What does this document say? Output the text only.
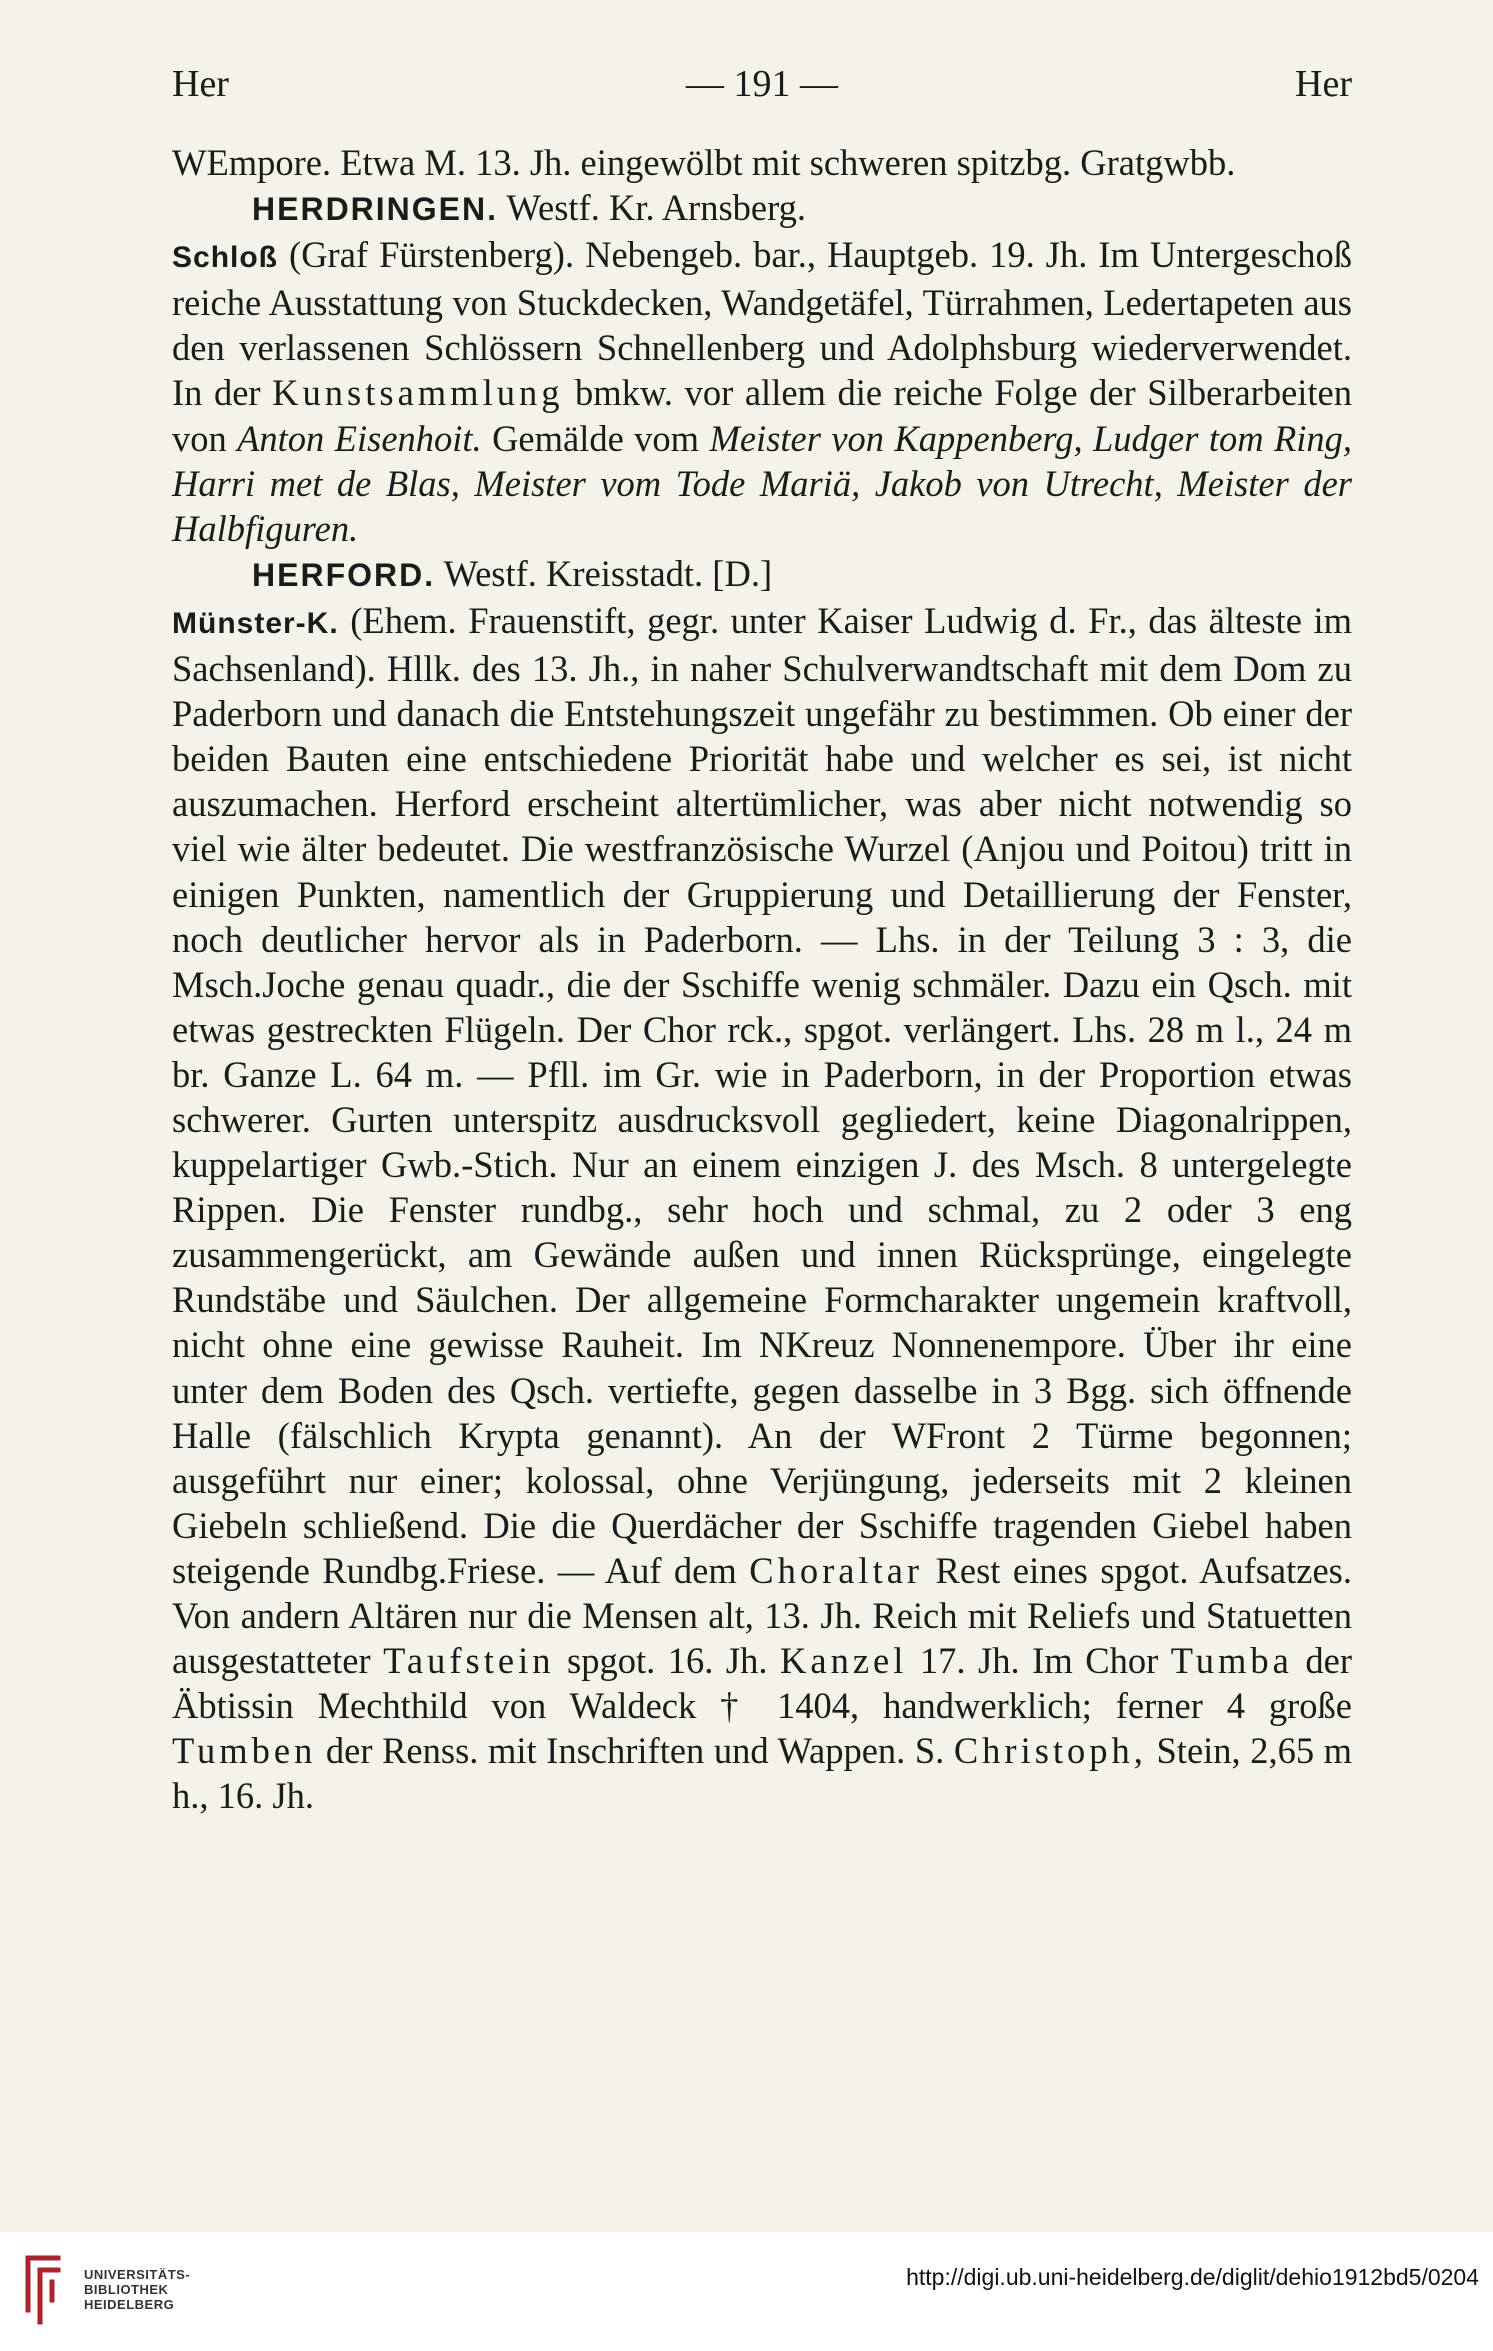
Her	— 191 —	Her

WEmpore. Etwa M. 13. Jh. eingewölbt mit schweren spitzbg. Gratgwbb.

HERDRINGEN. Westf. Kr. Arnsberg.

Schloß (Graf Fürstenberg). Nebengeb. bar., Hauptgeb. 19. Jh. Im Untergeschoß reiche Ausstattung von Stuckdecken, Wandgetäfel, Türrahmen, Ledertapeten aus den verlassenen Schlössern Schnellenberg und Adolphsburg wiederverwendet. In der Kunstsammlung bmkw. vor allem die reiche Folge der Silberarbeiten von Anton Eisenhoit. Gemälde vom Meister von Kappenberg, Ludger tom Ring, Harri met de Blas, Meister vom Tode Mariä, Jakob von Utrecht, Meister der Halbfiguren.

HERFORD. Westf. Kreisstadt. [D.]

Münster-K. (Ehem. Frauenstift, gegr. unter Kaiser Ludwig d. Fr., das älteste im Sachsenland). Hllk. des 13. Jh., in naher Schulverwandtschaft mit dem Dom zu Paderborn und danach die Entstehungszeit ungefähr zu bestimmen. Ob einer der beiden Bauten eine entschiedene Priorität habe und welcher es sei, ist nicht auszumachen. Herford erscheint altertümlicher, was aber nicht notwendig so viel wie älter bedeutet. Die westfranzösische Wurzel (Anjou und Poitou) tritt in einigen Punkten, namentlich der Gruppierung und Detaillierung der Fenster, noch deutlicher hervor als in Paderborn. — Lhs. in der Teilung 3 : 3, die Msch.Joche genau quadr., die der Sschiffe wenig schmäler. Dazu ein Qsch. mit etwas gestreckten Flügeln. Der Chor rck., spgot. verlängert. Lhs. 28 m l., 24 m br. Ganze L. 64 m. — Pfll. im Gr. wie in Paderborn, in der Proportion etwas schwerer. Gurten unterspitz ausdrucksvoll gegliedert, keine Diagonalrippen, kuppelartiger Gwb.-Stich. Nur an einem einzigen J. des Msch. 8 untergelegte Rippen. Die Fenster rundbg., sehr hoch und schmal, zu 2 oder 3 eng zusammengerückt, am Gewände außen und innen Rücksprünge, eingelegte Rundstäbe und Säulchen. Der allgemeine Formcharakter ungemein kraftvoll, nicht ohne eine gewisse Rauheit. Im NKreuz Nonnenempore. Über ihr eine unter dem Boden des Qsch. vertiefte, gegen dasselbe in 3 Bgg. sich öffnende Halle (fälschlich Krypta genannt). An der WFront 2 Türme begonnen; ausgeführt nur einer; kolossal, ohne Verjüngung, jederseits mit 2 kleinen Giebeln schließend. Die die Querdächer der Sschiffe tragenden Giebel haben steigende Rundbg.Friese. — Auf dem Choraltar Rest eines spgot. Aufsatzes. Von andern Altären nur die Mensen alt, 13. Jh. Reich mit Reliefs und Statuetten ausgestatteter Taufstein spgot. 16. Jh. Kanzel 17. Jh. Im Chor Tumba der Äbtissin Mechthild von Waldeck † 1404, handwerklich; ferner 4 große Tumben der Renss. mit Inschriften und Wappen. S. Christoph, Stein, 2,65 m h., 16. Jh.

UNIVERSITÄTS-
BIBLIOTHEK
HEIDELBERG
http://digi.ub.uni-heidelberg.de/diglit/dehio1912bd5/0204
